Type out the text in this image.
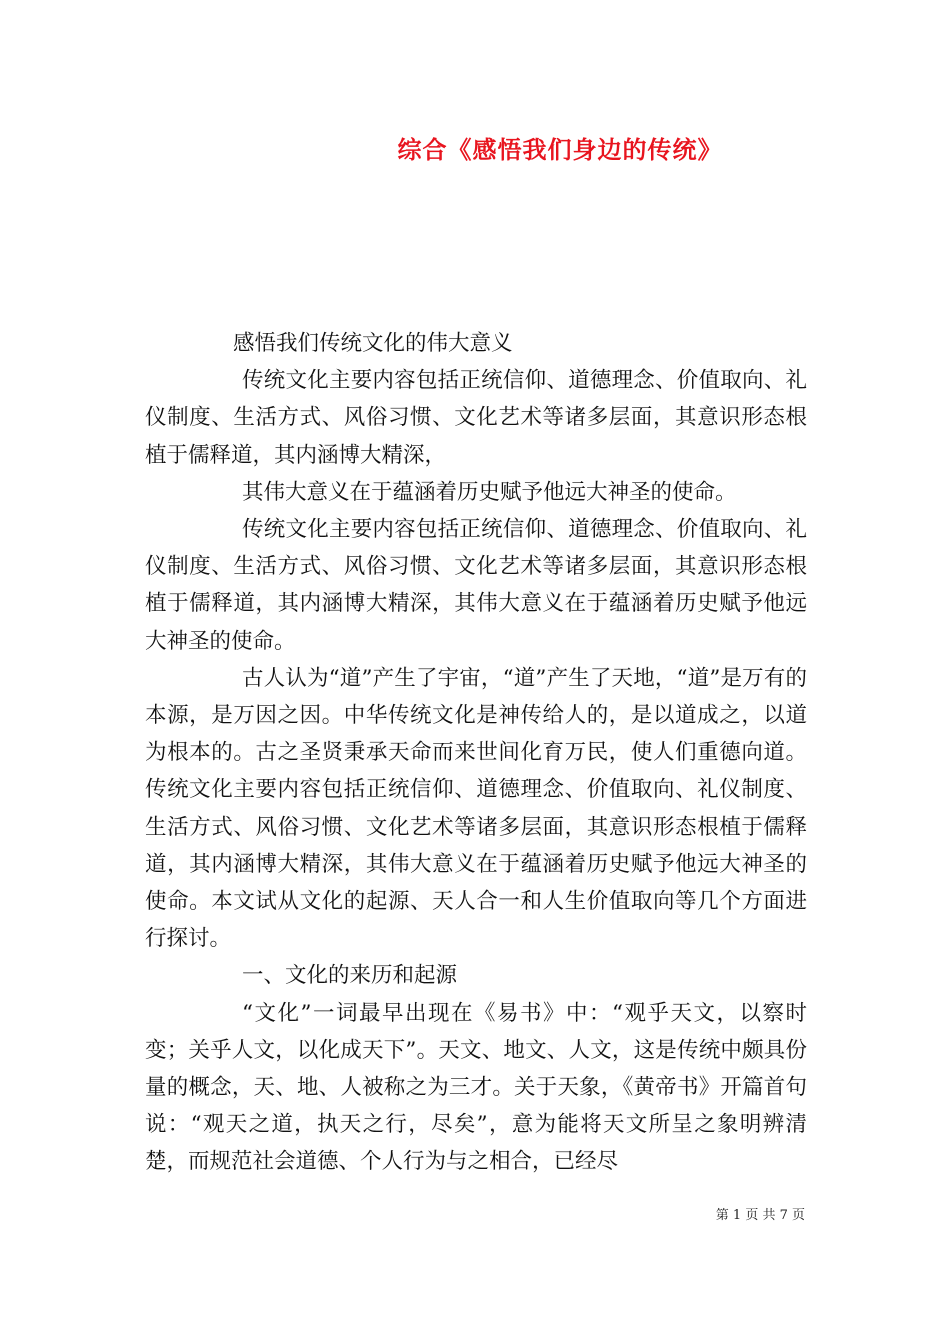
综合《感悟我们身边的传统》

感悟我们传统文化的伟大意义

传统文化主要内容包括正统信仰、道德理念、价值取向、礼仪制度、生活方式、风俗习惯、文化艺术等诸多层面，其意识形态根植于儒释道，其内涵博大精深，

其伟大意义在于蕴涵着历史赋予他远大神圣的使命。

传统文化主要内容包括正统信仰、道德理念、价值取向、礼仪制度、生活方式、风俗习惯、文化艺术等诸多层面，其意识形态根植于儒释道，其内涵博大精深，其伟大意义在于蕴涵着历史赋予他远大神圣的使命。

古人认为“道”产生了宇宙，“道”产生了天地，“道”是万有的本源，是万因之因。中华传统文化是神传给人的，是以道成之，以道为根本的。古之圣贤秉承天命而来世间化育万民，使人们重德向道。传统文化主要内容包括正统信仰、道德理念、价值取向、礼仪制度、生活方式、风俗习惯、文化艺术等诸多层面，其意识形态根植于儒释道，其内涵博大精深，其伟大意义在于蕴涵着历史赋予他远大神圣的使命。本文试从文化的起源、天人合一和人生价值取向等几个方面进行探讨。

一、文化的来历和起源

“文化”一词最早出现在《易书》中：“观乎天文，以察时变；关乎人文，以化成天下”。天文、地文、人文，这是传统中颇具份量的概念，天、地、人被称之为三才。关于天象，《黄帝书》开篇首句说：“观天之道，执天之行，尽矣”，意为能将天文所呈之象明辨清楚，而规范社会道德、个人行为与之相合，已经尽

第 1 页 共 7 页
